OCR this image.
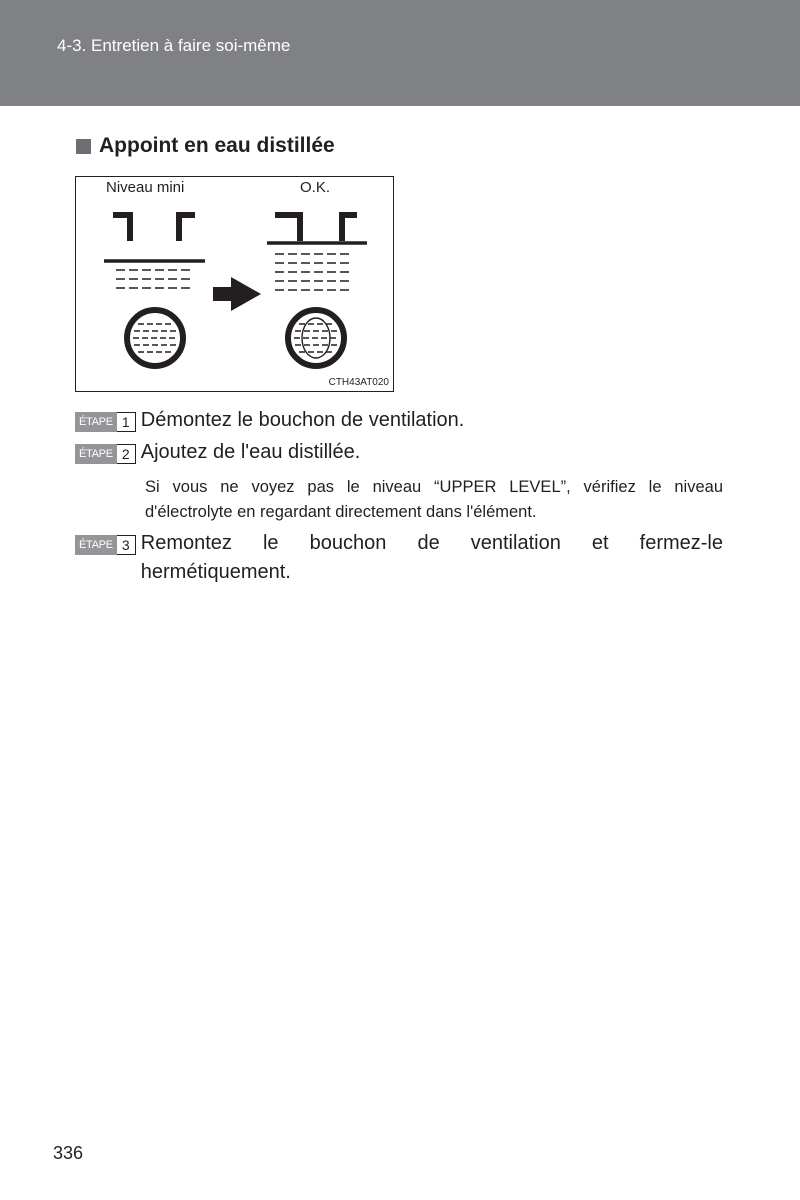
4-3. Entretien à faire soi-même
Appoint en eau distillée
Niveau mini	O.K.
CTH43AT020
ÉTAPE 1 Démontez le bouchon de ventilation.
ÉTAPE 2 Ajoutez de l'eau distillée.
Si vous ne voyez pas le niveau “UPPER LEVEL”, vérifiez le niveau d'électrolyte en regardant directement dans l'élément.
ÉTAPE 3 Remontez le bouchon de ventilation et fermez-le hermétiquement.
336
